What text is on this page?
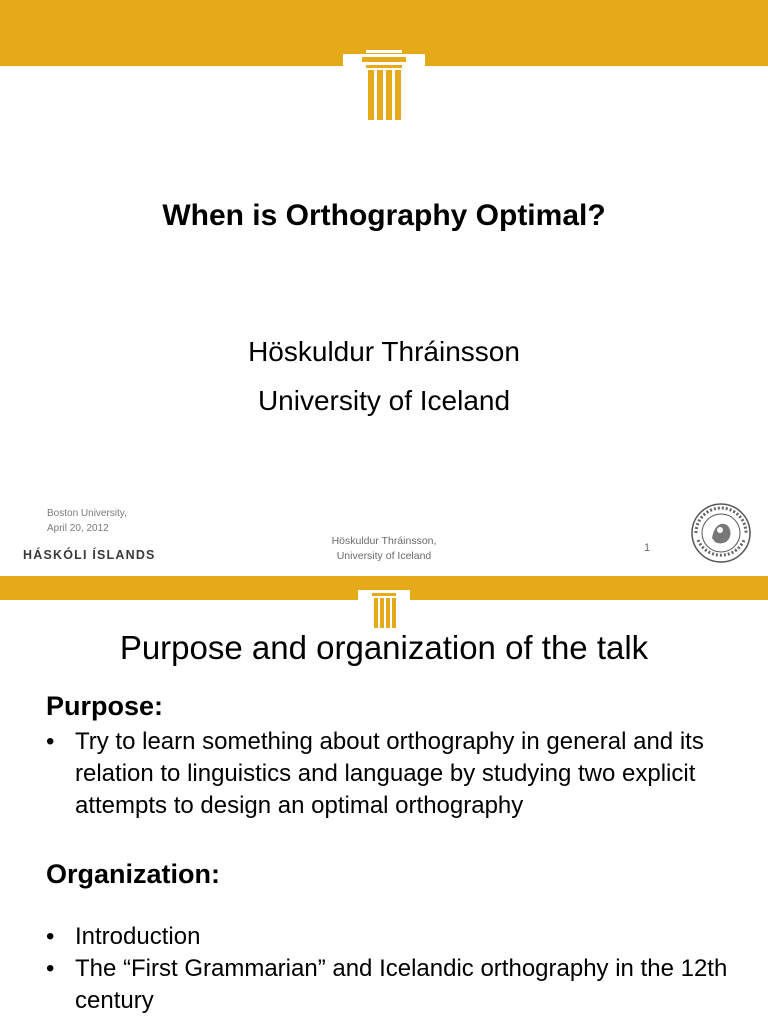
When is Orthography Optimal?
Höskuldur Thráinsson
University of Iceland
Boston University,
April 20, 2012
HÁSKÓLI ÍSLANDS
Höskuldur Thráinsson,
University of Iceland
1
Purpose and organization of the talk
Purpose:
• Try to learn something about orthography in general and its relation to linguistics and language by studying two explicit attempts to design an optimal orthography
Organization:
• Introduction
• The “First Grammarian” and Icelandic orthography in the 12th century
